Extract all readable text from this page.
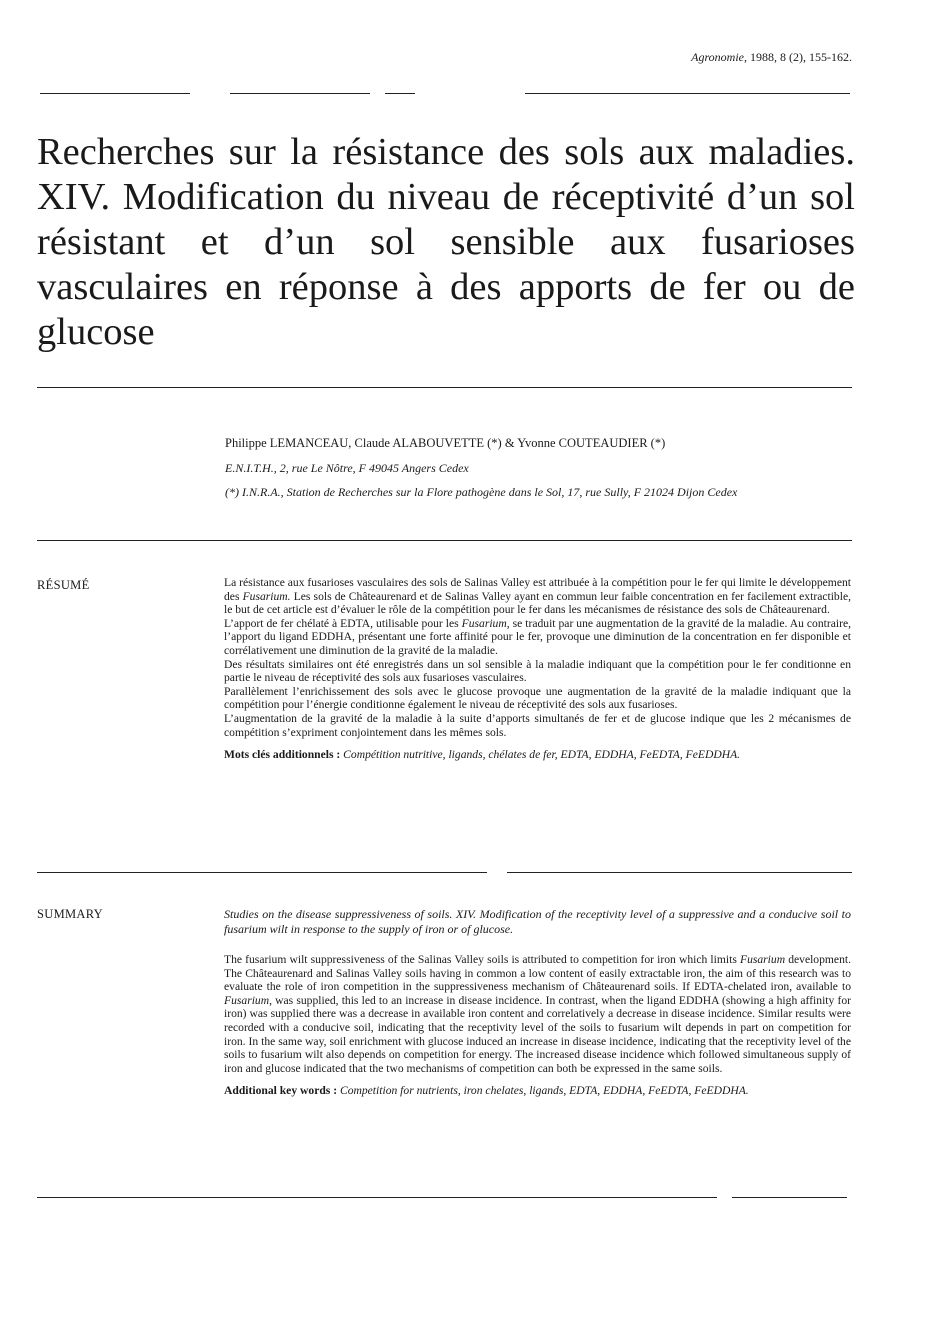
Agronomie, 1988, 8 (2), 155-162.
Recherches sur la résistance des sols aux maladies. XIV. Modification du niveau de réceptivité d’un sol résistant et d’un sol sensible aux fusarioses vasculaires en réponse à des apports de fer ou de glucose
Philippe LEMANCEAU, Claude ALABOUVETTE (*) & Yvonne COUTEAUDIER (*)
E.N.I.T.H., 2, rue Le Nôtre, F 49045 Angers Cedex
(*) I.N.R.A., Station de Recherches sur la Flore pathogène dans le Sol, 17, rue Sully, F 21024 Dijon Cedex
RÉSUMÉ	La résistance aux fusarioses vasculaires des sols de Salinas Valley est attribuée à la compétition pour le fer qui limite le développement des Fusarium. Les sols de Châteaurenard et de Salinas Valley ayant en commun leur faible concentration en fer facilement extractible, le but de cet article est d’évaluer le rôle de la compétition pour le fer dans les mécanismes de résistance des sols de Châteaurenard.

L’apport de fer chélaté à EDTA, utilisable pour les Fusarium, se traduit par une augmentation de la gravité de la maladie. Au contraire, l’apport du ligand EDDHA, présentant une forte affinité pour le fer, provoque une diminution de la concentration en fer disponible et corrélativement une diminution de la gravité de la maladie.

Des résultats similaires ont été enregistrés dans un sol sensible à la maladie indiquant que la compétition pour le fer conditionne en partie le niveau de réceptivité des sols aux fusarioses vasculaires.

Parallèlement l’enrichissement des sols avec le glucose provoque une augmentation de la gravité de la maladie indiquant que la compétition pour l’énergie conditionne également le niveau de réceptivité des sols aux fusarioses.

L’augmentation de la gravité de la maladie à la suite d’apports simultanés de fer et de glucose indique que les 2 mécanismes de compétition s’expriment conjointement dans les mêmes sols.

Mots clés additionnels : Compétition nutritive, ligands, chélates de fer, EDTA, EDDHA, FeEDTA, FeEDDHA.

SUMMARY	Studies on the disease suppressiveness of soils. XIV. Modification of the receptivity level of a suppressive and a conducive soil to fusarium wilt in response to the supply of iron or of glucose.

The fusarium wilt suppressiveness of the Salinas Valley soils is attributed to competition for iron which limits Fusarium development. The Châteaurenard and Salinas Valley soils having in common a low content of easily extractable iron, the aim of this research was to evaluate the role of iron competition in the suppressiveness mechanism of Châteaurenard soils. If EDTA-chelated iron, available to Fusarium, was supplied, this led to an increase in disease incidence. In contrast, when the ligand EDDHA (showing a high affinity for iron) was supplied there was a decrease in available iron content and correlatively a decrease in disease incidence. Similar results were recorded with a conducive soil, indicating that the receptivity level of the soils to fusarium wilt depends in part on competition for iron. In the same way, soil enrichment with glucose induced an increase in disease incidence, indicating that the receptivity level of the soils to fusarium wilt also depends on competition for energy. The increased disease incidence which followed simultaneous supply of iron and glucose indicated that the two mechanisms of competition can both be expressed in the same soils.

Additional key words : Competition for nutrients, iron chelates, ligands, EDTA, EDDHA, FeEDTA, FeEDDHA.
